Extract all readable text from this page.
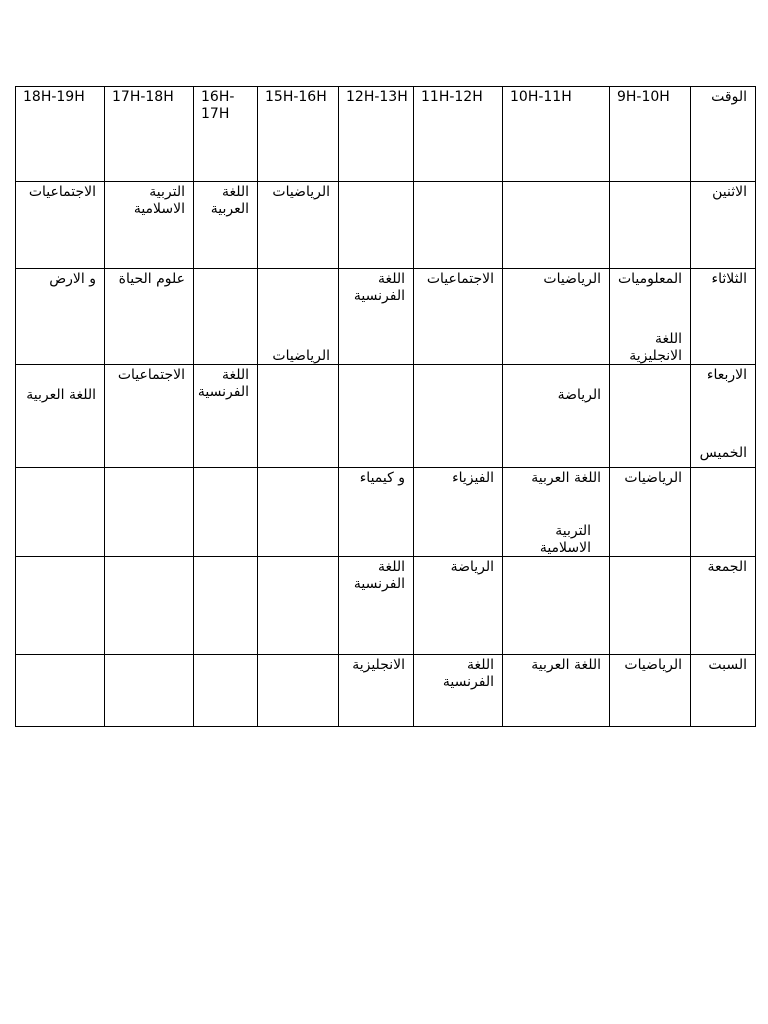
18H-19H	17H-18H	16H-17H	15H-16H	12H-13H	11H-12H	10H-11H	9H-10H	الوقت

الاجتماعيات	التربية الاسلامية	اللغة العربية	الرياضيات					الاثنين

و الارض	علوم الحياة			اللغة الفرنسية	الاجتماعيات	الرياضيات	المعلوميات	الثلاثاء

اللغة العربية	الاجتماعيات	اللغة الفرنسية	الرياضيات			الرياضة	اللغة الانجليزية	الاربعاء

				و كيمياء	الفيزياء	اللغة العربية	الرياضيات	الخميس

				اللغة الفرنسية	الرياضة	التربية الاسلامية		الجمعة

				الانجليزية	اللغة الفرنسية	اللغة العربية	الرياضيات	السبت
